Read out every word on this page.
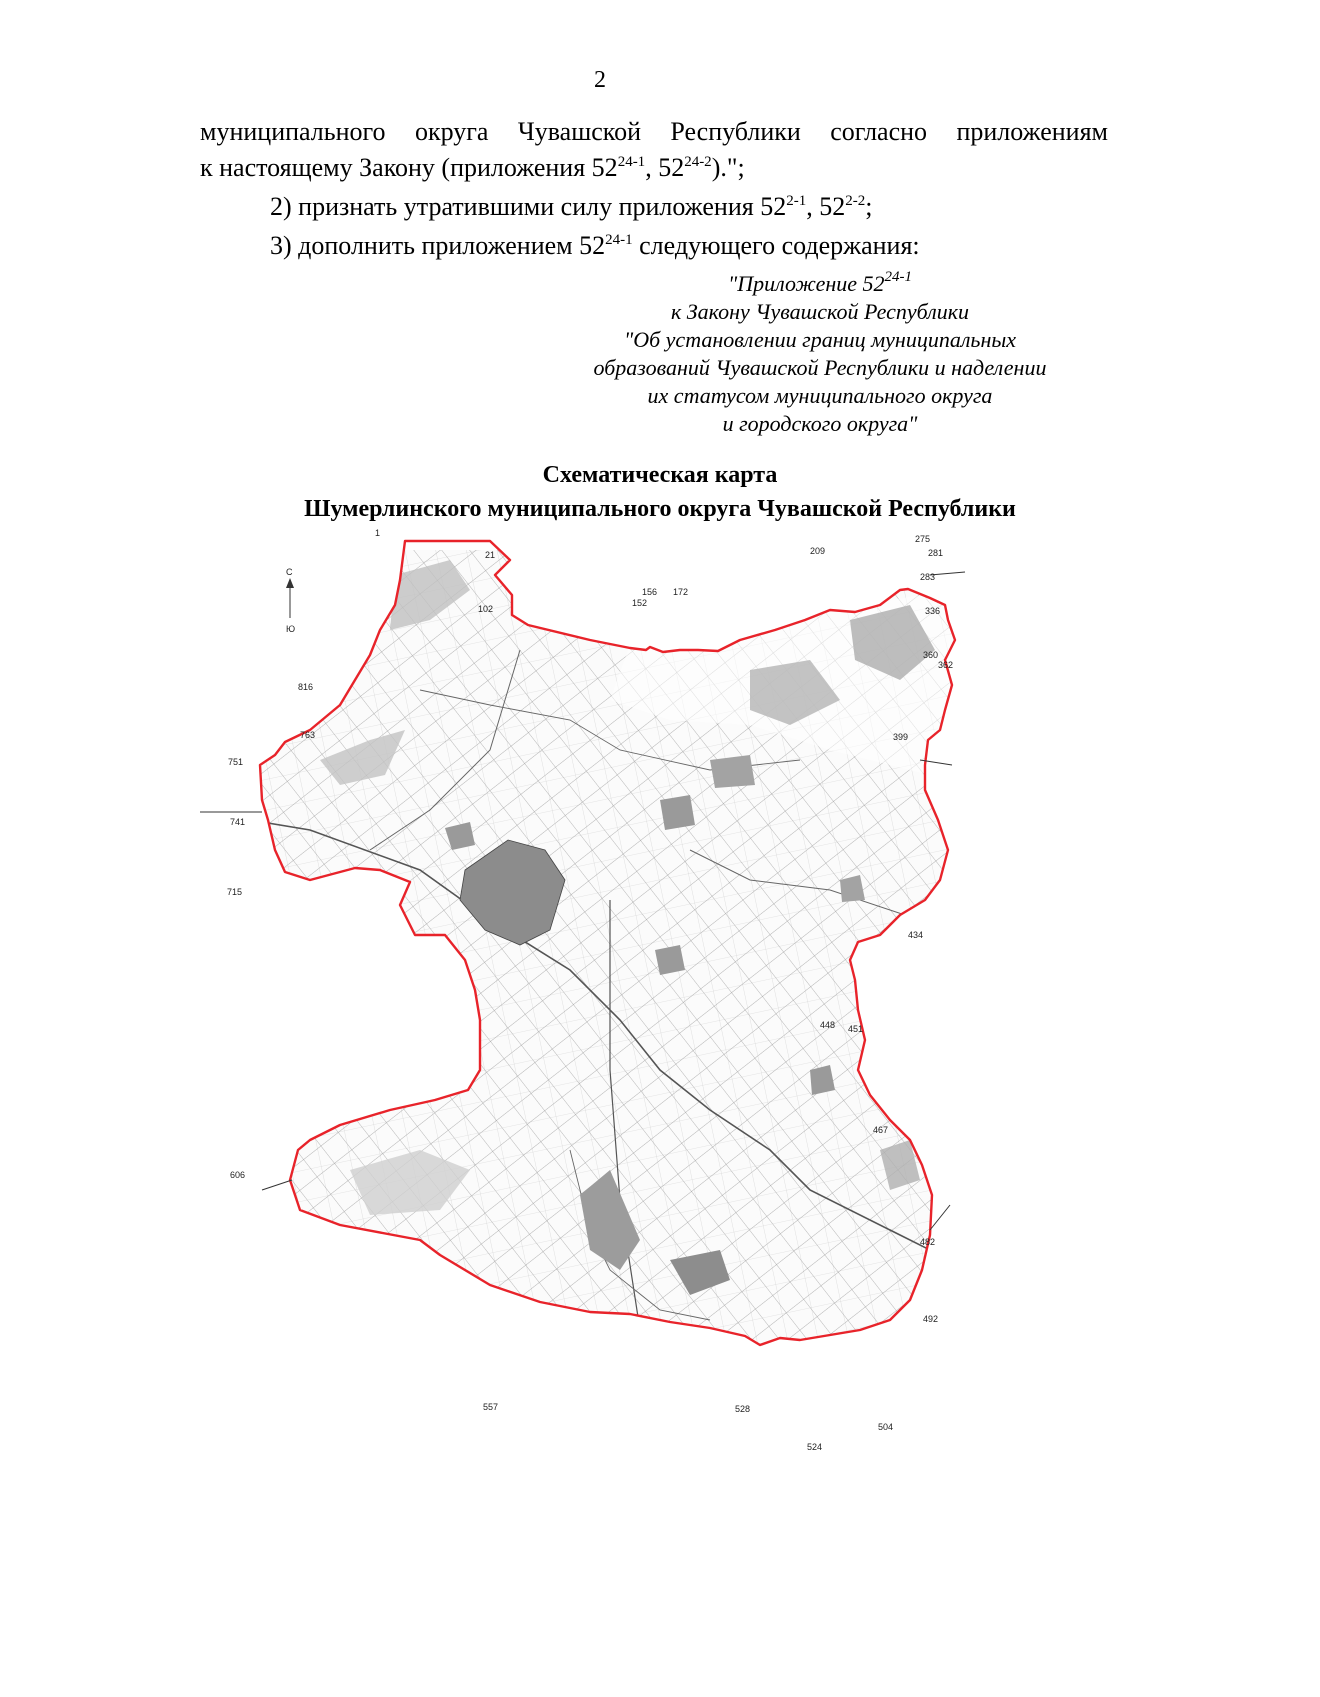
2
муниципального округа Чувашской Республики согласно приложениям
к настоящему Закону (приложения 52$^{24-1}$, 52$^{24-2}$).";
2) признать утратившими силу приложения 52$^{2-1}$, 52$^{2-2}$;
3) дополнить приложением 52$^{24-1}$ следующего содержания:
"Приложение 52$^{24-1}$
к Закону Чувашской Республики
"Об установлении границ муниципальных
образований Чувашской Республики и наделении
их статусом муниципального округа
и городского округа"
Схематическая карта
Шумерлинского муниципального округа Чувашской Республики
С
Ю
1
21
102
152
156 172
209
275
281
283
336
360
362
399
434
448 451
467
482
492
504
524
528
557
606
715
741
751
763
816
